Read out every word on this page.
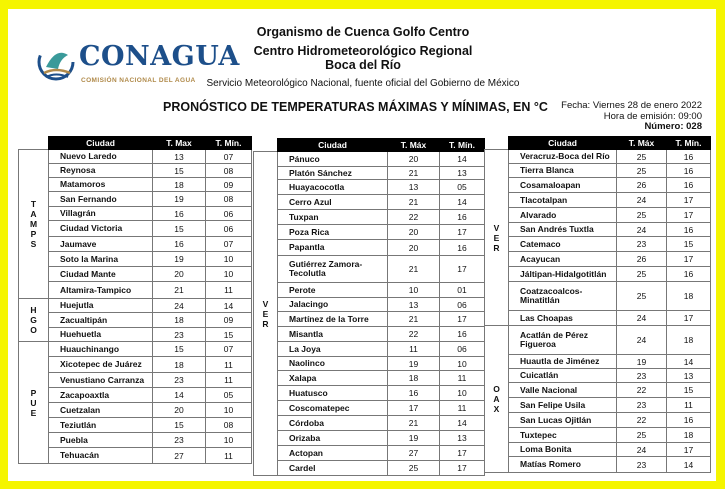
CONAGUA
COMISIÓN NACIONAL DEL AGUA
Organismo de Cuenca Golfo Centro
Centro Hidrometeorológico Regional
Boca del Río
Servicio Meteorológico Nacional, fuente oficial del Gobierno de México
PRONÓSTICO DE TEMPERATURAS MÁXIMAS Y MÍNIMAS, EN °C Fecha: Viernes 28 de enero 2022
Hora de emisión: 09:00
Número: 028
	Ciudad	T. Max	T. Mín.

T
A
M
P
S	Nuevo Laredo	13	07
	Reynosa	15	08
	Matamoros	18	09
	San Fernando	19	08
	Villagrán	16	06
	Ciudad Victoria	15	06
	Jaumave	16	07
	Soto la Marina	19	10
	Ciudad Mante	20	10
	Altamira-Tampico	21	11

H
G
O	Huejutla	24	14
	Zacualtipán	18	09
	Huehuetla	23	15

P
U
E	Huauchinango	15	07
	Xicotepec de Juárez	18	11
	Venustiano Carranza	23	11
	Zacapoaxtla	14	05
	Cuetzalan	20	10
	Teziutlán	15	08
	Puebla	23	10
	Tehuacán	27	11
	Ciudad	T. Máx	T. Mín.

V
E
R	Pánuco	20	14
	Platón Sánchez	21	13
	Huayacocotla	13	05
	Cerro Azul	21	14
	Tuxpan	22	16
	Poza Rica	20	17
	Papantla	20	16
	Gutiérrez Zamora-Tecolutla	21	17
	Perote	10	01
	Jalacingo	13	06
	Martínez de la Torre	21	17
	Misantla	22	16
	La Joya	11	06
	Naolinco	19	10
	Xalapa	18	11
	Huatusco	16	10
	Coscomatepec	17	11
	Córdoba	21	14
	Orizaba	19	13
	Actopan	27	17
	Cardel	25	17
	Ciudad	T. Máx	T. Mín.

V
E
R	Veracruz-Boca del Río	25	16
	Tierra Blanca	25	16
	Cosamaloapan	26	16
	Tlacotalpan	24	17
	Alvarado	25	17
	San Andrés Tuxtla	24	16
	Catemaco	23	15
	Acayucan	26	17
	Jáltipan-Hidalgotitlán	25	16
	Coatzacoalcos-Minatitlán	25	18
	Las Choapas	24	17

O
A
X	Acatlán de Pérez Figueroa	24	18
	Huautla de Jiménez	19	14
	Cuicatlán	23	13
	Valle Nacional	22	15
	San Felipe Usila	23	11
	San Lucas Ojitlán	22	16
	Tuxtepec	25	18
	Loma Bonita	24	17
	Matías Romero	23	14
